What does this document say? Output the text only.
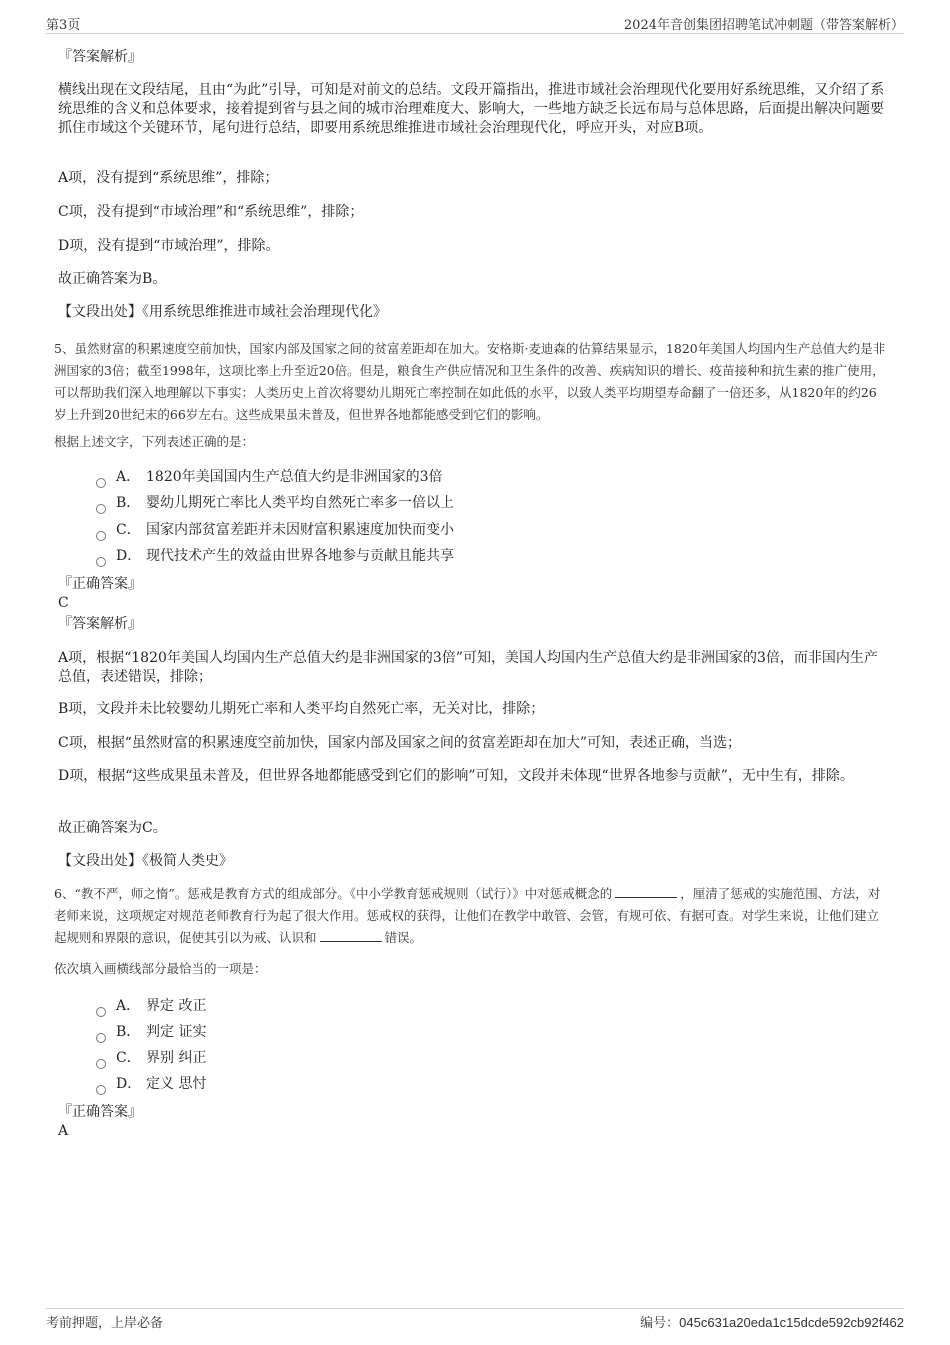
第3页	2024年音创集团招聘笔试冲刺题（带答案解析）
『答案解析』
横线出现在文段结尾，且由“为此”引导，可知是对前文的总结。文段开篇指出，推进市域社会治理现代化要用好系统思维，又介绍了系统思维的含义和总体要求，接着提到省与县之间的城市治理难度大、影响大，一些地方缺乏长远布局与总体思路，后面提出解决问题要抓住市域这个关键环节，尾句进行总结，即要用系统思维推进市域社会治理现代化，呼应开头，对应B项。
A项，没有提到“系统思维”，排除；
C项，没有提到“市域治理”和“系统思维”，排除；
D项，没有提到“市域治理”，排除。
故正确答案为B。
【文段出处】《用系统思维推进市域社会治理现代化》
5、虽然财富的积累速度空前加快，国家内部及国家之间的贫富差距却在加大。安格斯·麦迪森的估算结果显示，1820年美国人均国内生产总值大约是非洲国家的3倍；截至1998年，这项比率上升至近20倍。但是，粮食生产供应情况和卫生条件的改善、疾病知识的增长、疫苗接种和抗生素的推广使用，可以帮助我们深入地理解以下事实：人类历史上首次将婴幼儿期死亡率控制在如此低的水平，以致人类平均期望寿命翻了一倍还多，从1820年的约26岁上升到20世纪末的66岁左右。这些成果虽未普及，但世界各地都能感受到它们的影响。
根据上述文字，下列表述正确的是：
A． 1820年美国国内生产总值大约是非洲国家的3倍
B． 婴幼儿期死亡率比人类平均自然死亡率多一倍以上
C． 国家内部贫富差距并未因财富积累速度加快而变小
D． 现代技术产生的效益由世界各地参与贡献且能共享
『正确答案』
C
『答案解析』
A项，根据“1820年美国人均国内生产总值大约是非洲国家的3倍”可知，美国人均国内生产总值大约是非洲国家的3倍，而非国内生产总值，表述错误，排除；
B项，文段并未比较婴幼儿期死亡率和人类平均自然死亡率，无关对比，排除；
C项，根据“虽然财富的积累速度空前加快，国家内部及国家之间的贫富差距却在加大”可知，表述正确，当选；
D项，根据“这些成果虽未普及，但世界各地都能感受到它们的影响”可知，文段并未体现“世界各地参与贡献”，无中生有，排除。
故正确答案为C。
【文段出处】《极简人类史》
6、“教不严，师之惰”。惩戒是教育方式的组成部分。《中小学教育惩戒规则（试行）》中对惩戒概念的	，厘清了惩戒的实施范围、方法，对老师来说，这项规定对规范老师教育行为起了很大作用。惩戒权的获得，让他们在教学中敢管、会管，有规可依、有据可查。对学生来说，让他们建立起规则和界限的意识，促使其引以为戒、认识和	错误。
依次填入画横线部分最恰当的一项是：
A． 界定 改正
B． 判定 证实
C． 界别 纠正
D． 定义 思忖
『正确答案』
A
考前押题，上岸必备	编号：045c631a20eda1c15dcde592cb92f462
